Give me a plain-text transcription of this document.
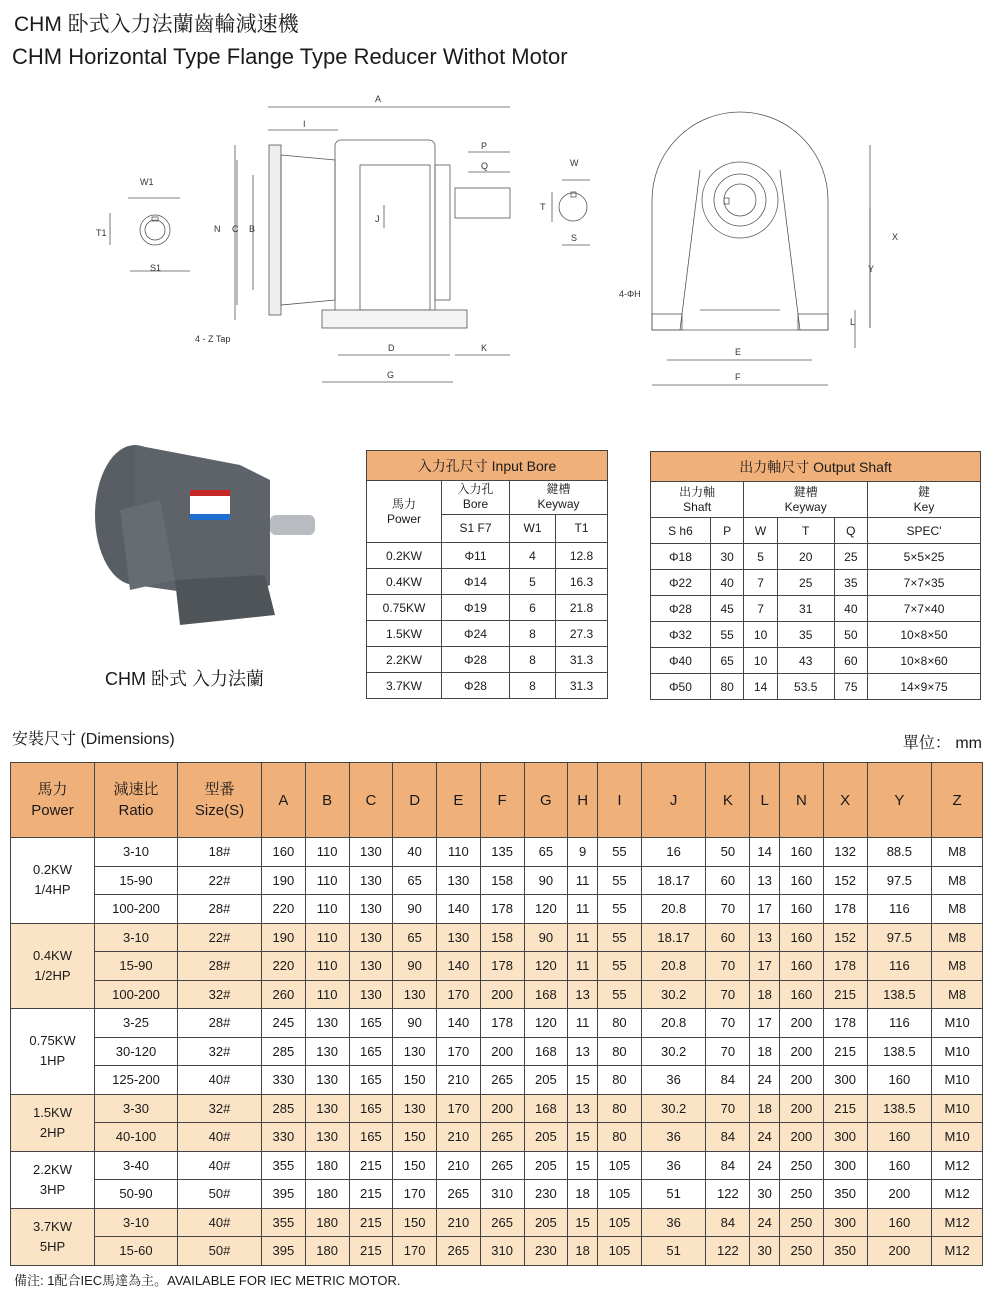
CHM 卧式入力法蘭齒輪減速機
CHM Horizontal Type Flange Type Reducer Withot Motor
W1
T1
S1
A
I
P
Q
N C B
J
4 - Z Tap
D	K
G
W
T
S	X
Y
L
4-ΦH
E
F
CHM 卧式 入力法蘭
入力孔尺寸 Input Bore			
馬力
Power	入力孔
Bore	鍵槽
Keyway	
	S1 F7	W1	T1
0.2KW	Φ11	4	12.8
0.4KW	Φ14	5	16.3
0.75KW	Φ19	6	21.8
1.5KW	Φ24	8	27.3
2.2KW	Φ28	8	31.3
3.7KW	Φ28	8	31.3
出力軸尺寸 Output Shaft					
出力軸
Shaft		鍵槽
Keyway			鍵
Key
S h6	P	W	T	Q	SPEC'
Φ18	30	5	20	25	5×5×25
Φ22	40	7	25	35	7×7×35
Φ28	45	7	31	40	7×7×40
Φ32	55	10	35	50	10×8×50
Φ40	65	10	43	60	10×8×60
Φ50	80	14	53.5	75	14×9×75
安裝尺寸 (Dimensions)	單位： mm
馬力
Power	減速比
Ratio	型番
Size(S)	A	B	C	D	E	F	G	H	I	J	K	L	N	X	Y	Z
0.2KW
1/4HP	3-10	18#	160	110	130	40	110	135	65	9	55	16	50	14	160	132	88.5	M8
	15-90	22#	190	110	130	65	130	158	90	11	55	18.17	60	13	160	152	97.5	M8
	100-200	28#	220	110	130	90	140	178	120	11	55	20.8	70	17	160	178	116	M8
0.4KW
1/2HP	3-10	22#	190	110	130	65	130	158	90	11	55	18.17	60	13	160	152	97.5	M8
	15-90	28#	220	110	130	90	140	178	120	11	55	20.8	70	17	160	178	116	M8
	100-200	32#	260	110	130	130	170	200	168	13	55	30.2	70	18	160	215	138.5	M8
0.75KW
1HP	3-25	28#	245	130	165	90	140	178	120	11	80	20.8	70	17	200	178	116	M10
	30-120	32#	285	130	165	130	170	200	168	13	80	30.2	70	18	200	215	138.5	M10
	125-200	40#	330	130	165	150	210	265	205	15	80	36	84	24	200	300	160	M10
1.5KW
2HP	3-30	32#	285	130	165	130	170	200	168	13	80	30.2	70	18	200	215	138.5	M10
	40-100	40#	330	130	165	150	210	265	205	15	80	36	84	24	200	300	160	M10
2.2KW
3HP	3-40	40#	355	180	215	150	210	265	205	15	105	36	84	24	250	300	160	M12
	50-90	50#	395	180	215	170	265	310	230	18	105	51	122	30	250	350	200	M12
3.7KW
5HP	3-10	40#	355	180	215	150	210	265	205	15	105	36	84	24	250	300	160	M12
	15-60	50#	395	180	215	170	265	310	230	18	105	51	122	30	250	350	200	M12
備注: 1配合IEC馬達為主。AVAILABLE FOR IEC METRIC MOTOR.
